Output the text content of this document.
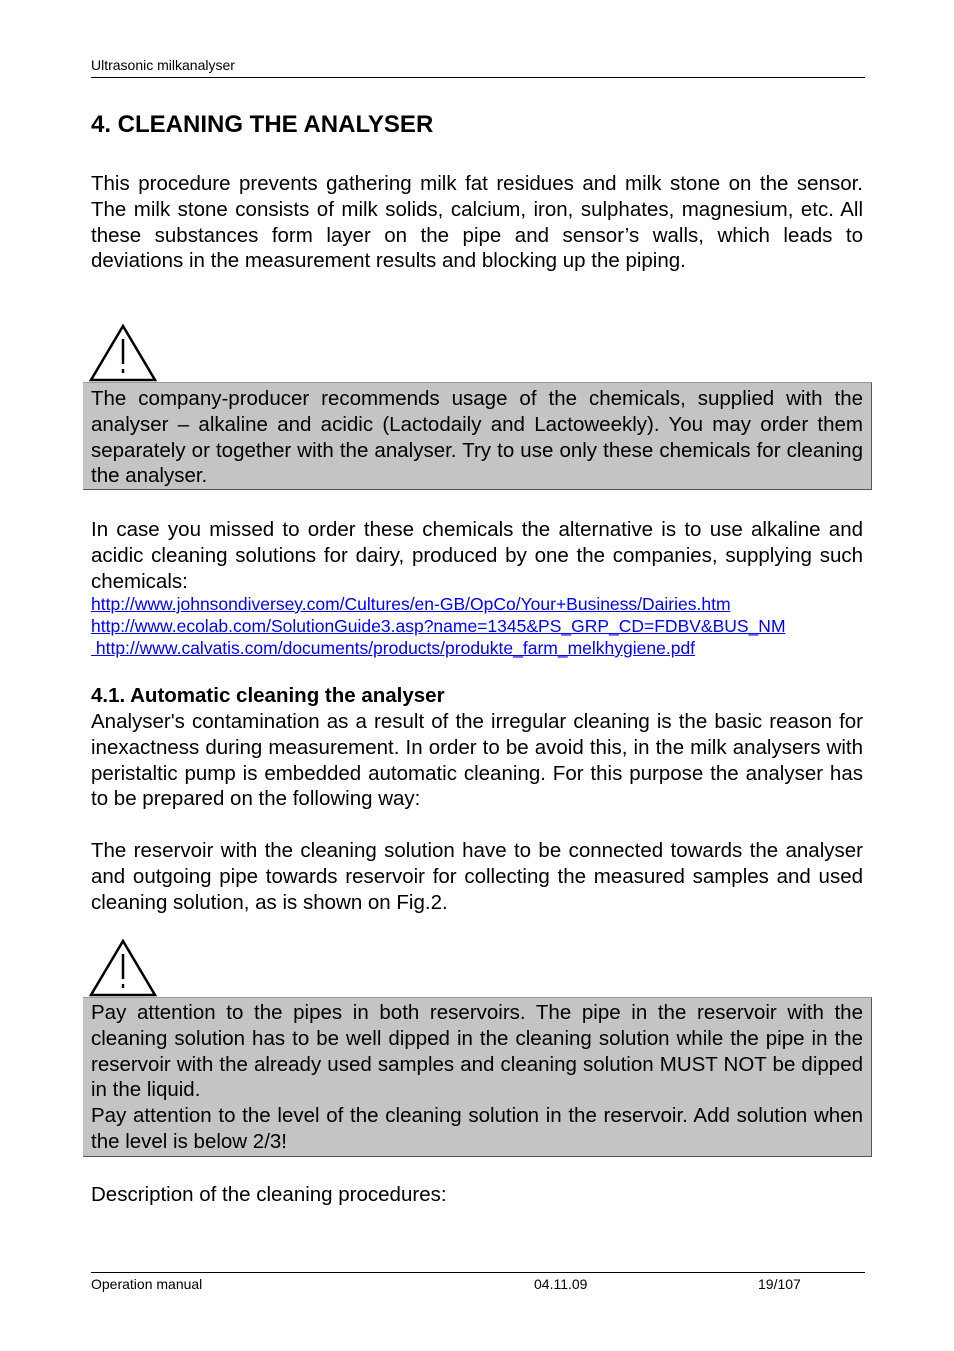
Ultrasonic milkanalyser
4. CLEANING THE ANALYSER
This procedure prevents gathering milk fat residues and milk stone on the sensor. The milk stone consists of milk solids, calcium, iron, sulphates, magnesium, etc. All these substances form layer on the pipe and sensor’s walls, which leads to deviations in the measurement results and blocking up the piping.
The company-producer recommends usage of the chemicals, supplied with the analyser – alkaline and acidic (Lactodaily and Lactoweekly). You may order them separately or together with the analyser. Try to use only these chemicals for cleaning the analyser.
In case you missed to order these chemicals the alternative is to use alkaline and acidic cleaning solutions for dairy, produced by one the companies, supplying such chemicals:
http://www.johnsondiversey.com/Cultures/en-GB/OpCo/Your+Business/Dairies.htm
http://www.ecolab.com/SolutionGuide3.asp?name=1345&PS_GRP_CD=FDBV&BUS_NM
http://www.calvatis.com/documents/products/produkte_farm_melkhygiene.pdf
4.1. Automatic cleaning the analyser
Analyser's contamination as a result of the irregular cleaning is the basic reason for inexactness during measurement. In order to be avoid this, in the milk analysers with peristaltic pump is embedded automatic cleaning. For this purpose the analyser has to be prepared on the following way:
The reservoir with the cleaning solution have to be connected towards the analyser and outgoing pipe towards reservoir for collecting the measured samples and used cleaning solution, as is shown on Fig.2.
Pay attention to the pipes in both reservoirs. The pipe in the reservoir with the cleaning solution has to be well dipped in the cleaning solution while the pipe in the reservoir with the already used samples and cleaning solution MUST NOT be dipped in the liquid.
Pay attention to the level of the cleaning solution in the reservoir. Add solution when the level is below 2/3!
Description of the cleaning procedures:
Operation manual	04.11.09	19/107
